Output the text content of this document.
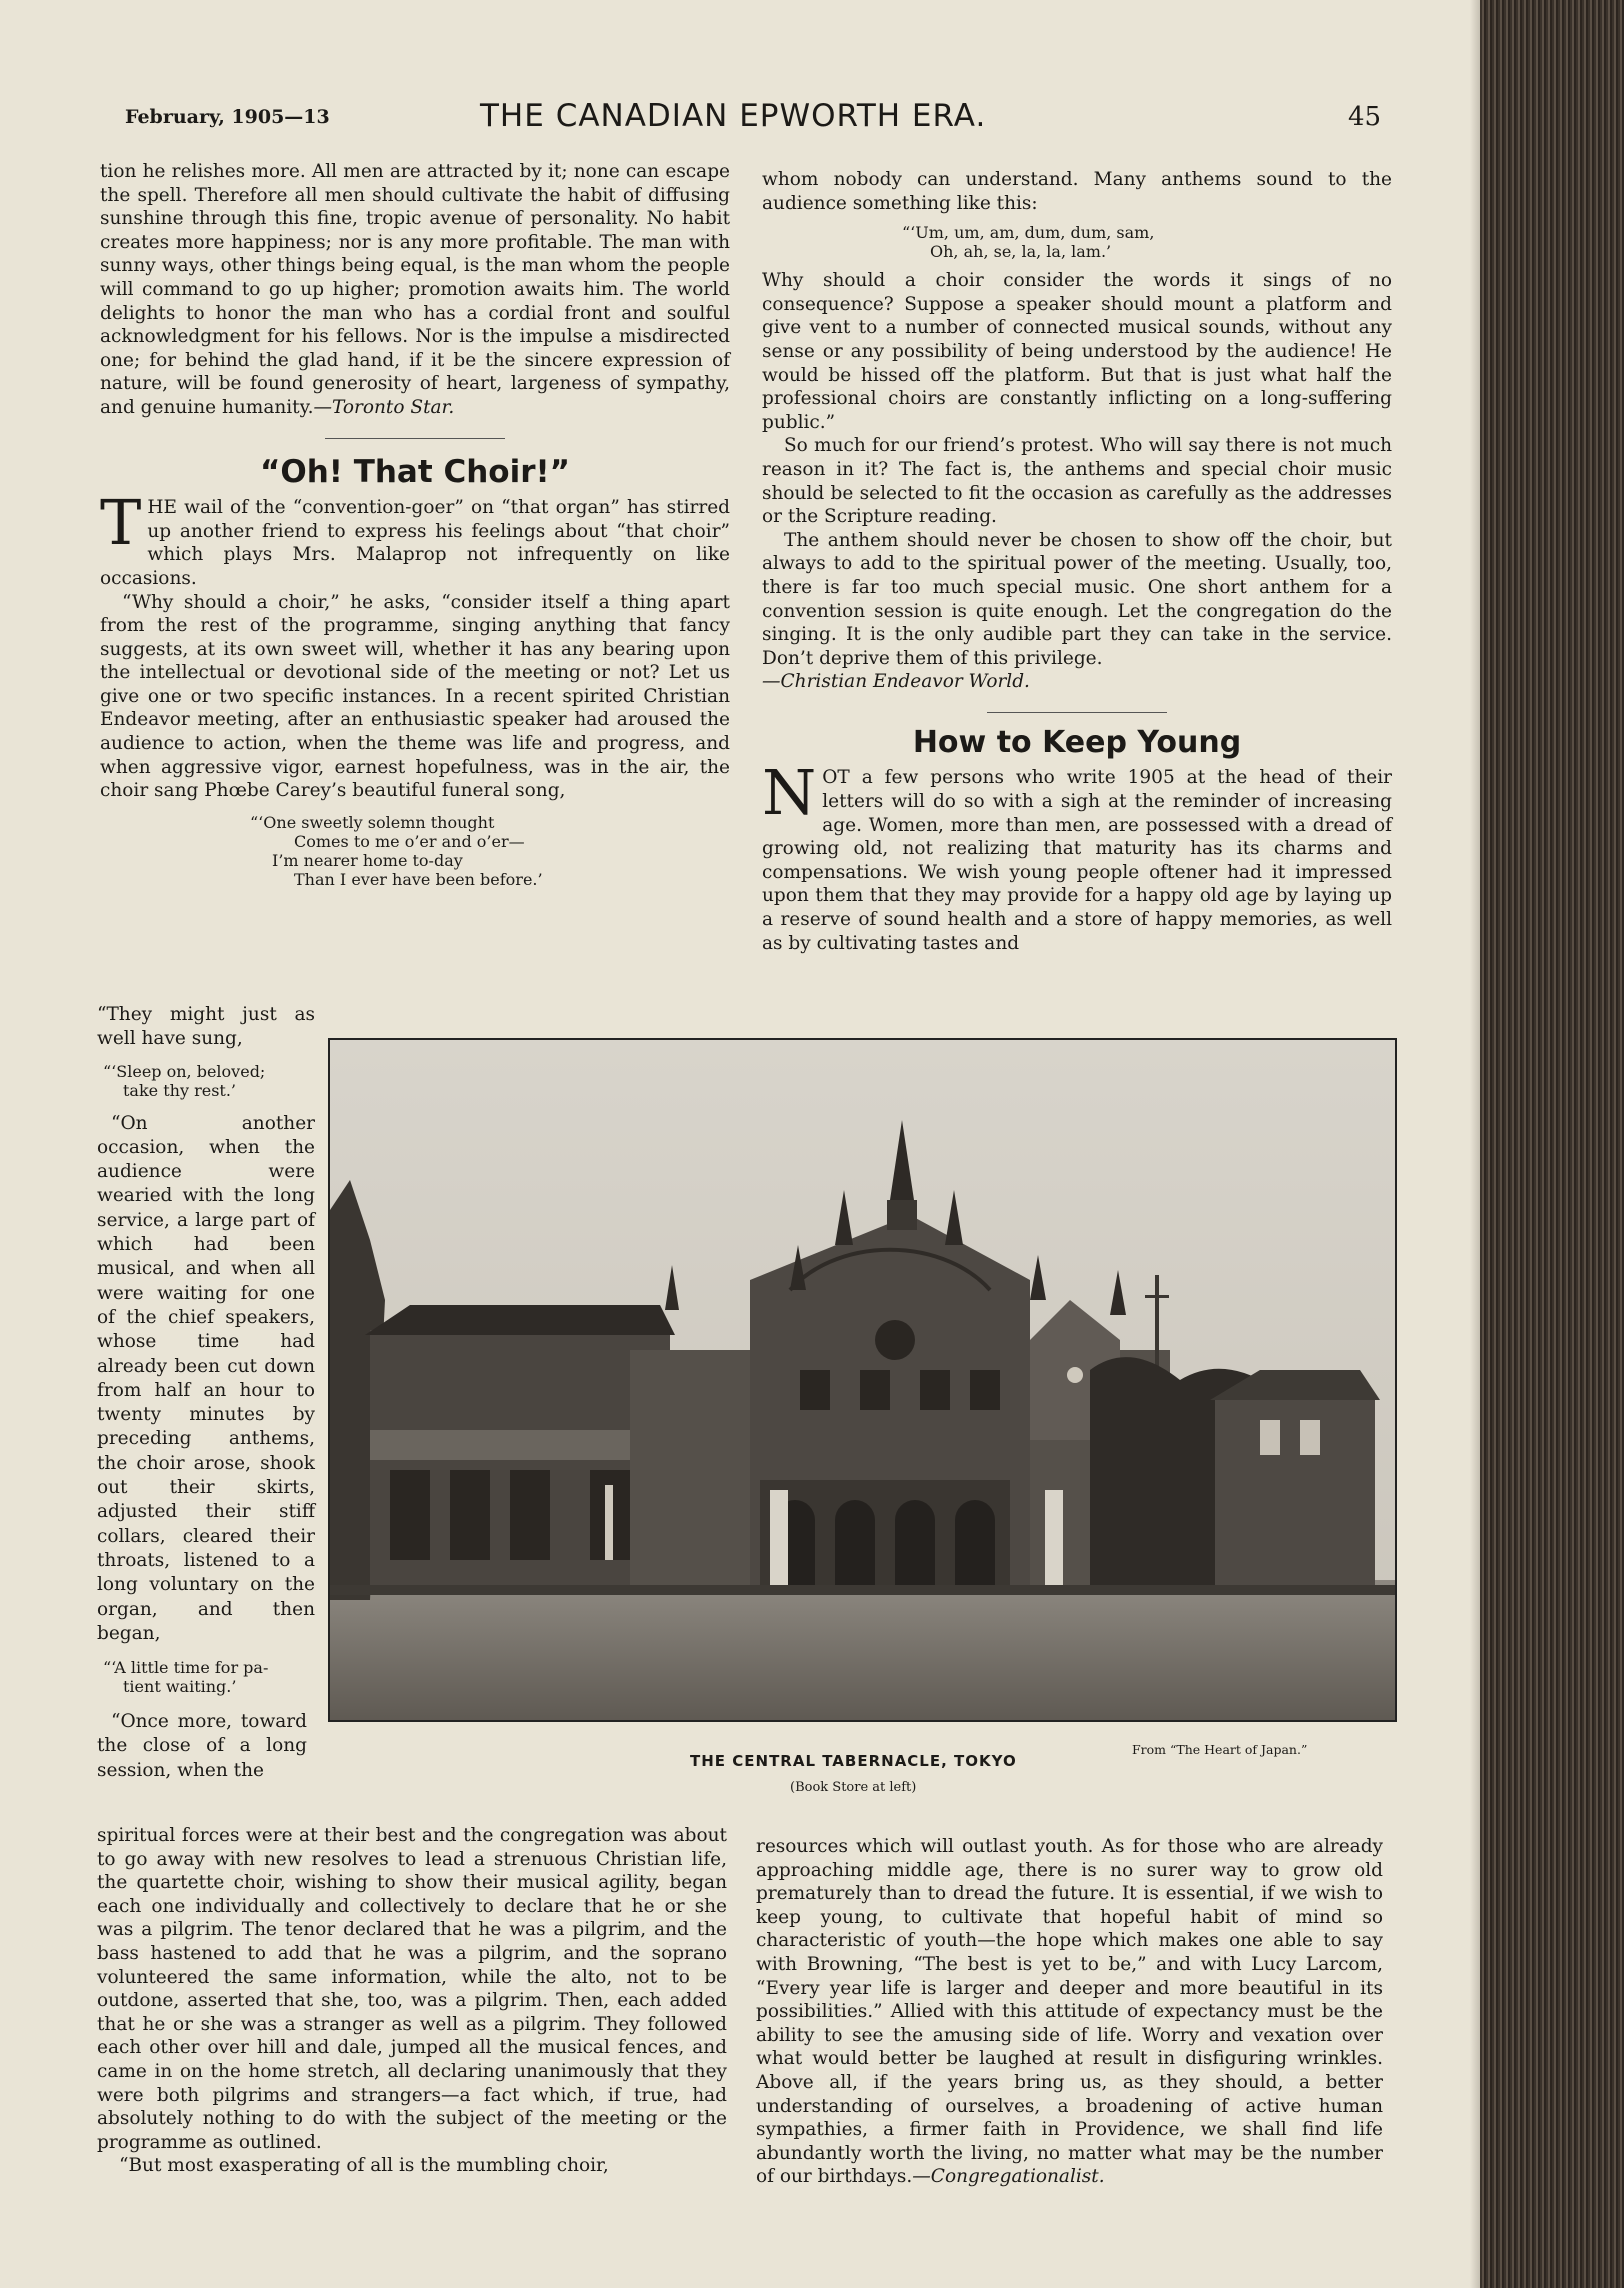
February, 1905—13	THE CANADIAN EPWORTH ERA.	45

tion he relishes more. All men are attracted by it; none can escape the spell. Therefore all men should cultivate the habit of diffusing sunshine through this fine, tropic avenue of personality. No habit creates more happiness; nor is any more profitable. The man with sunny ways, other things being equal, is the man whom the people will command to go up higher; promotion awaits him. The world delights to honor the man who has a cordial front and soulful acknowledgment for his fellows. Nor is the impulse a misdirected one; for behind the glad hand, if it be the sincere expression of nature, will be found generosity of heart, largeness of sympathy, and genuine humanity.—Toronto Star.

“Oh! That Choir!”

THE wail of the “convention-goer” on “that organ” has stirred up another friend to express his feelings about “that choir” which plays Mrs. Malaprop not infrequently on like occasions.

“Why should a choir,” he asks, “consider itself a thing apart from the rest of the programme, singing anything that fancy suggests, at its own sweet will, whether it has any bearing upon the intellectual or devotional side of the meeting or not? Let us give one or two specific instances. In a recent spirited Christian Endeavor meeting, after an enthusiastic speaker had aroused the audience to action, when the theme was life and progress, and when aggressive vigor, earnest hopefulness, was in the air, the choir sang Phœbe Carey’s beautiful funeral song,

“‘One sweetly solemn thought
Comes to me o’er and o’er—
I’m nearer home to-day
Than I ever have been before.’

“They might just as well have sung,

“‘Sleep on, beloved;
take thy rest.’

“On another occasion, when the audience were wearied with the long service, a large part of which had been musical, and when all were waiting for one of the chief speakers, whose time had already been cut down from half an hour to twenty minutes by preceding anthems, the choir arose, shook out their skirts, adjusted their stiff collars, cleared their throats, listened to a long voluntary on the organ, and then began,

“‘A little time for pa-
tient waiting.’

“Once more, toward the close of a long session, when the

spiritual forces were at their best and the congregation was about to go away with new resolves to lead a strenuous Christian life, the quartette choir, wishing to show their musical agility, began each one individually and collectively to declare that he or she was a pilgrim. The tenor declared that he was a pilgrim, and the bass hastened to add that he was a pilgrim, and the soprano volunteered the same information, while the alto, not to be outdone, asserted that she, too, was a pilgrim. Then, each added that he or she was a stranger as well as a pilgrim. They followed each other over hill and dale, jumped all the musical fences, and came in on the home stretch, all declaring unanimously that they were both pilgrims and strangers—a fact which, if true, had absolutely nothing to do with the subject of the meeting or the programme as outlined.

“But most exasperating of all is the mumbling choir,

whom nobody can understand. Many anthems sound to the audience something like this:

“‘Um, um, am, dum, dum, sam,
Oh, ah, se, la, la, lam.’

Why should a choir consider the words it sings of no consequence? Suppose a speaker should mount a platform and give vent to a number of connected musical sounds, without any sense or any possibility of being understood by the audience! He would be hissed off the platform. But that is just what half the professional choirs are constantly inflicting on a long-suffering public.”

So much for our friend’s protest. Who will say there is not much reason in it? The fact is, the anthems and special choir music should be selected to fit the occasion as carefully as the addresses or the Scripture reading.

The anthem should never be chosen to show off the choir, but always to add to the spiritual power of the meeting. Usually, too, there is far too much special music. One short anthem for a convention session is quite enough. Let the congregation do the singing. It is the only audible part they can take in the service. Don’t deprive them of this privilege.
—Christian Endeavor World.

How to Keep Young

NOT a few persons who write 1905 at the head of their letters will do so with a sigh at the reminder of increasing age. Women, more than men, are possessed with a dread of growing old, not realizing that maturity has its charms and compensations. We wish young people oftener had it impressed upon them that they may provide for a happy old age by laying up a reserve of sound health and a store of happy memories, as well as by cultivating tastes and

THE CENTRAL TABERNACLE, TOKYO
(Book Store at left)
From “The Heart of Japan.”

resources which will outlast youth. As for those who are already approaching middle age, there is no surer way to grow old prematurely than to dread the future. It is essential, if we wish to keep young, to cultivate that hopeful habit of mind so characteristic of youth—the hope which makes one able to say with Browning, “The best is yet to be,” and with Lucy Larcom, “Every year life is larger and deeper and more beautiful in its possibilities.” Allied with this attitude of expectancy must be the ability to see the amusing side of life. Worry and vexation over what would better be laughed at result in disfiguring wrinkles. Above all, if the years bring us, as they should, a better understanding of ourselves, a broadening of active human sympathies, a firmer faith in Providence, we shall find life abundantly worth the living, no matter what may be the number of our birthdays.—Congregationalist.
